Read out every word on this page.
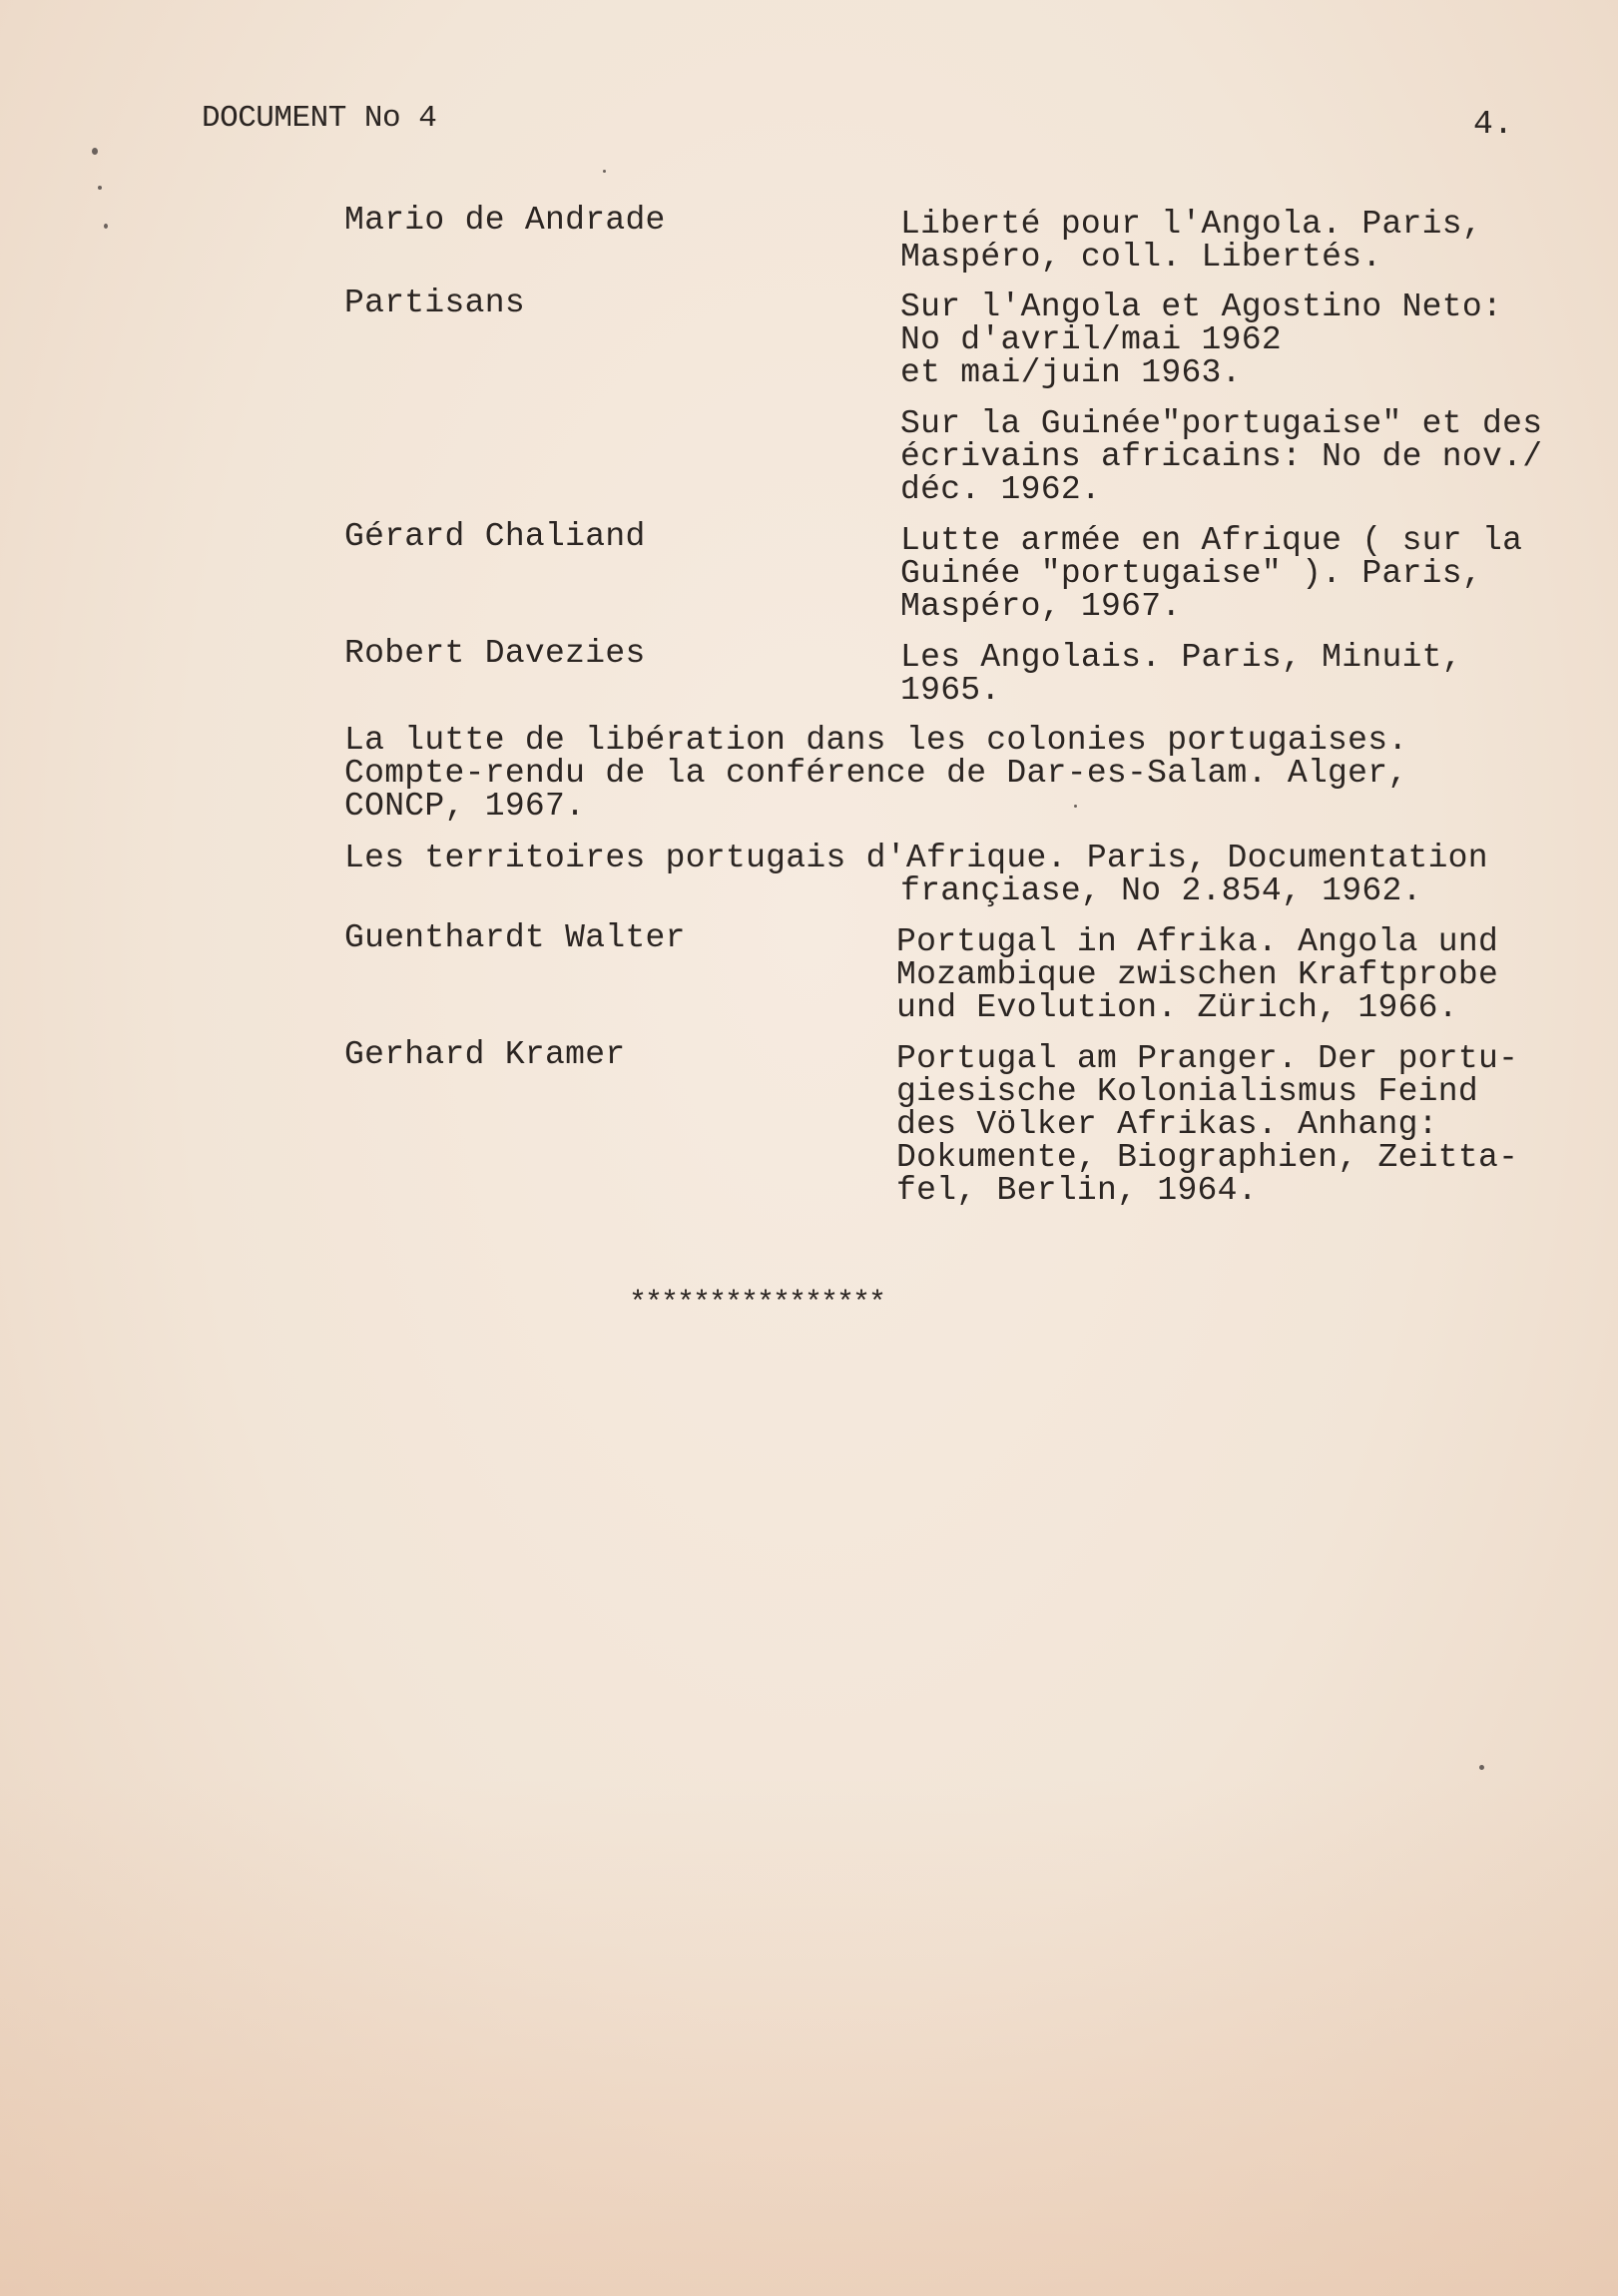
DOCUMENT No 4	4.
Mario de Andrade	Liberté pour l'Angola. Paris,
Maspéro, coll. Libertés.
Partisans	Sur l'Angola et Agostino Neto:
No d'avril/mai 1962
et mai/juin 1963.
Sur la Guinée"portugaise" et des
écrivains africains: No de nov./
déc. 1962.
Gérard Chaliand	Lutte armée en Afrique ( sur la
Guinée "portugaise" ). Paris,
Maspéro, 1967.
Robert Davezies	Les Angolais. Paris, Minuit,
1965.
La lutte de libération dans les colonies portugaises.
Compte-rendu de la conférence de Dar-es-Salam. Alger,
CONCP, 1967.
Les territoires portugais d'Afrique. Paris, Documentation
françiase, No 2.854, 1962.
Guenthardt Walter	Portugal in Afrika. Angola und
Mozambique zwischen Kraftprobe
und Evolution. Zürich, 1966.
Gerhard Kramer	Portugal am Pranger. Der portu-
giesische Kolonialismus Feind
des Völker Afrikas. Anhang:
Dokumente, Biographien, Zeitta-
fel, Berlin, 1964.
****************
